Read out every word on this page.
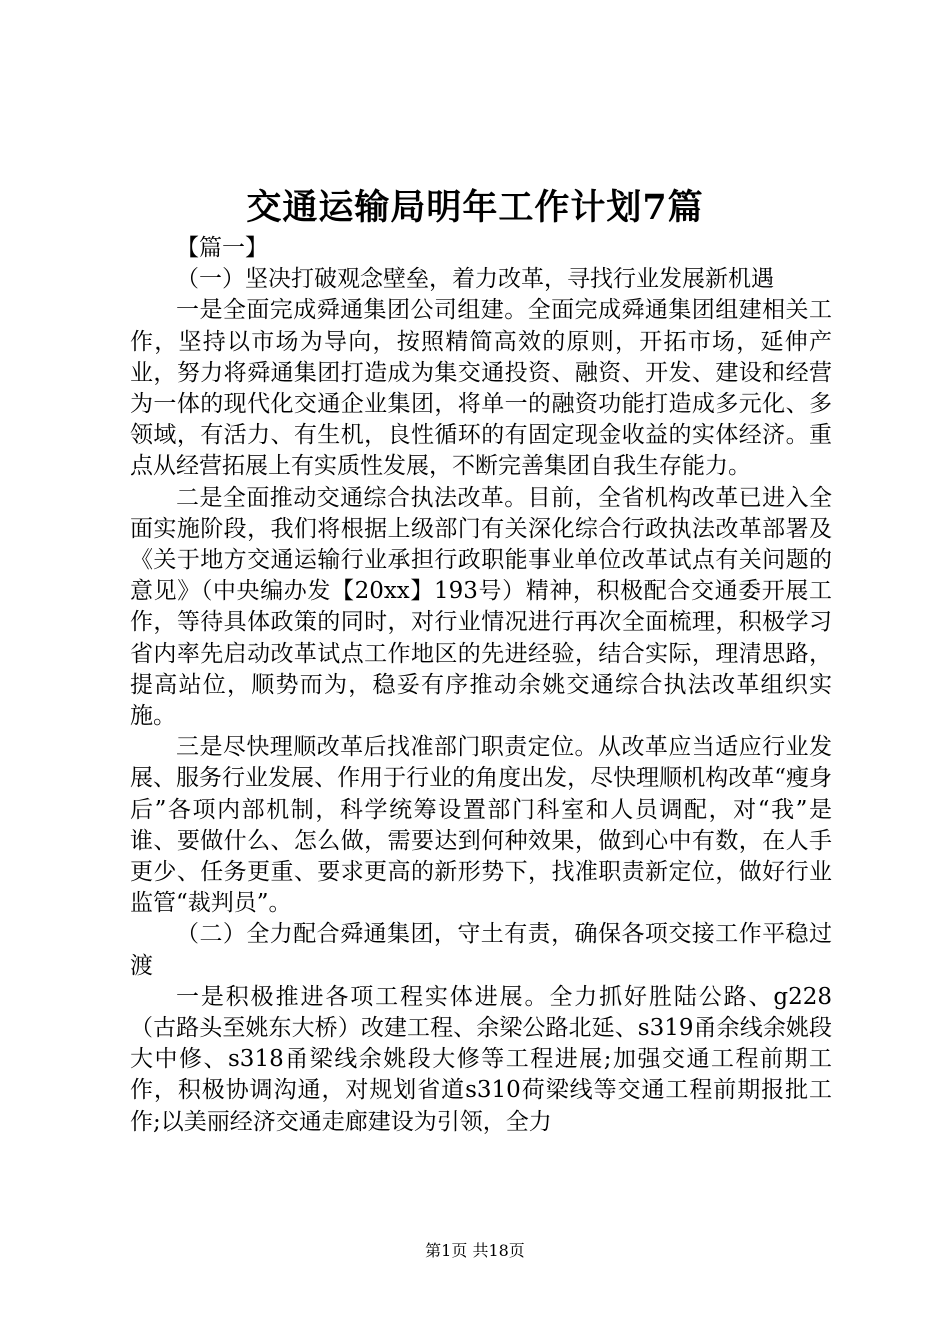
交通运输局明年工作计划7篇

【篇一】

（一）坚决打破观念壁垒，着力改革，寻找行业发展新机遇

一是全面完成舜通集团公司组建。全面完成舜通集团组建相关工作，坚持以市场为导向，按照精简高效的原则，开拓市场，延伸产业，努力将舜通集团打造成为集交通投资、融资、开发、建设和经营为一体的现代化交通企业集团，将单一的融资功能打造成多元化、多领域，有活力、有生机，良性循环的有固定现金收益的实体经济。重点从经营拓展上有实质性发展，不断完善集团自我生存能力。

二是全面推动交通综合执法改革。目前，全省机构改革已进入全面实施阶段，我们将根据上级部门有关深化综合行政执法改革部署及《关于地方交通运输行业承担行政职能事业单位改革试点有关问题的意见》（中央编办发【20xx】193号）精神，积极配合交通委开展工作，等待具体政策的同时，对行业情况进行再次全面梳理，积极学习省内率先启动改革试点工作地区的先进经验，结合实际，理清思路，提高站位，顺势而为，稳妥有序推动余姚交通综合执法改革组织实施。

三是尽快理顺改革后找准部门职责定位。从改革应当适应行业发展、服务行业发展、作用于行业的角度出发，尽快理顺机构改革“瘦身后”各项内部机制，科学统筹设置部门科室和人员调配，对“我”是谁、要做什么、怎么做，需要达到何种效果，做到心中有数，在人手更少、任务更重、要求更高的新形势下，找准职责新定位，做好行业监管“裁判员”。

（二）全力配合舜通集团，守土有责，确保各项交接工作平稳过渡

一是积极推进各项工程实体进展。全力抓好胜陆公路、g228（古路头至姚东大桥）改建工程、余梁公路北延、s319甬余线余姚段大中修、s318甬梁线余姚段大修等工程进展;加强交通工程前期工作，积极协调沟通，对规划省道s310荷梁线等交通工程前期报批工作;以美丽经济交通走廊建设为引领，全力

第1页 共18页
